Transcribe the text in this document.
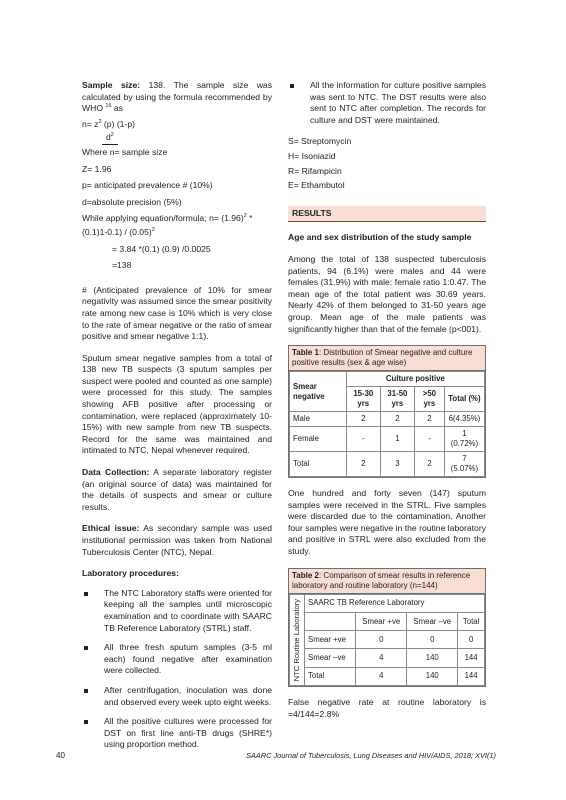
Sample size: 138. The sample size was calculated by using the formula recommended by WHO $^{16}$ as

$n= z^2$ (p) (1-p)

$d^2$

Where n= sample size

Z= 1.96

p= anticipated prevalence # (10%)

d=absolute precision (5%)

While applying equation/formula; $n= (1.96)^2$ *

$(0.1)1-0.1) / (0.05)^2$

= 3.84 *(0.1) (0.9) /0.0025

=138

# (Anticipated prevalence of 10% for smear negativity was assumed since the smear positivity rate among new case is 10% which is very close to the rate of smear negative or the ratio of smear positive and smear negative 1:1).

Sputum smear negative samples from a total of 138 new TB suspects (3 sputum samples per suspect were pooled and counted as one sample) were processed for this study. The samples showing AFB positive after processing or contamination, were replaced (approximately 10-15%) with new sample from new TB suspects. Record for the same was maintained and intimated to NTC, Nepal whenever required.

Data Collection: A separate laboratory register (an original source of data) was maintained for the details of suspects and smear or culture results.

Ethical issue: As secondary sample was used institutional permission was taken from National Tuberculosis Center (NTC), Nepal.

Laboratory procedures:

The NTC Laboratory staffs were oriented for keeping all the samples until microscopic examination and to coordinate with SAARC TB Reference Laboratory (STRL) staff.
All three fresh sputum samples (3-5 ml each) found negative after examination were collected.
After centrifugation, inoculation was done and observed every week upto eight weeks.
All the positive cultures were processed for DST on first line anti-TB drugs (SHRE*) using proportion method.
All the information for culture positive samples was sent to NTC. The DST results were also sent to NTC after completion. The records for culture and DST were maintained.

S= Streptomycin

H= Isoniazid

R= Rifampicin

E= Ethambutol

RESULTS

Age and sex distribution of the study sample

Among the total of 138 suspected tuberculosis patients, 94 (6.1%) were males and 44 were females (31.9%) with male: female ratio 1:0.47. The mean age of the total patient was 30.69 years. Nearly 42% of them belonged to 31-50 years age group. Mean age of the male patients was significantly higher than that of the female (p<001).

Table 1: Distribution of Smear negative and culture positive results (sex & age wise)
Smear negative	Culture positive			
	15-30 yrs	31-50 yrs	>50 yrs	Total (%)
Male	2	2	2	6(4.35%)
Female	-	1	-	1 (0.72%)
Total	2	3	2	7 (5.07%)

One hundred and forty seven (147) sputum samples were received in the STRL. Five samples were discarded due to the contamination. Another four samples were negative in the routine laboratory and positive in STRL were also excluded from the study.

Table 2: Comparison of smear results in reference laboratory and routine laboratory (n=144)
NTC Routine Laboratory	SAARC TB Reference Laboratory			
		Smear +ve	Smear –ve	Total
	Smear +ve	0	0	0
	Smear –ve	4	140	144
	Total	4	140	144

False negative rate at routine laboratory is =4/144=2.8%

40	SAARC Journal of Tuberculosis, Lung Diseases and HIV/AIDS, 2018; XVI(1)
